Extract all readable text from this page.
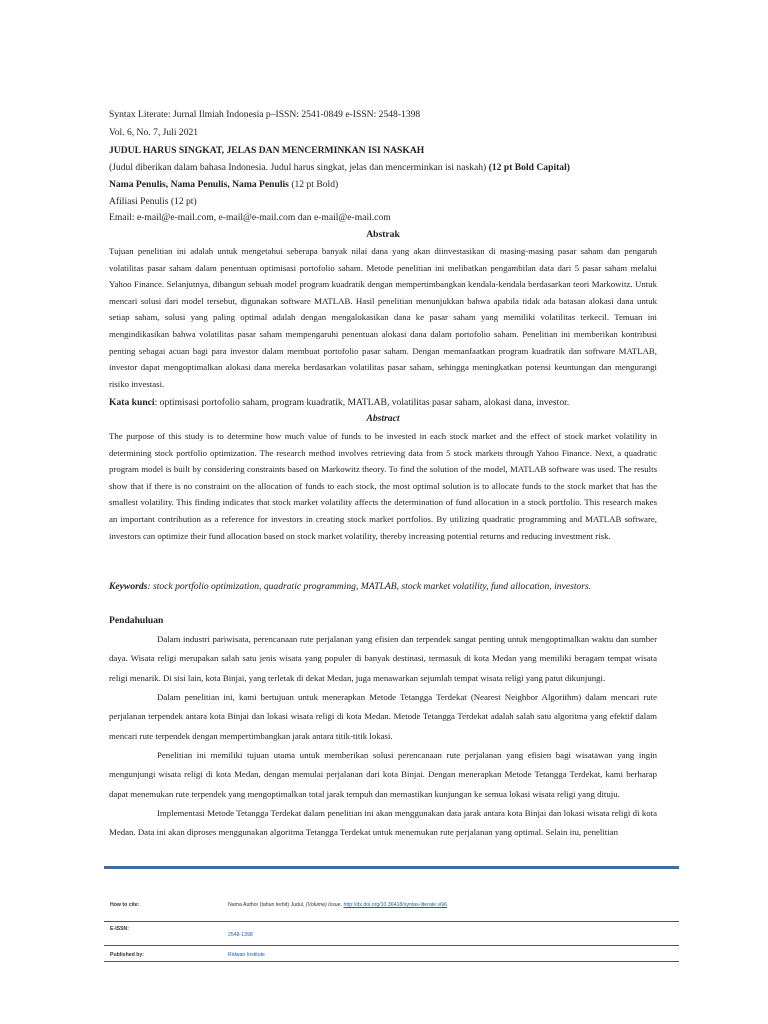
Syntax Literate: Jurnal Ilmiah Indonesia p–ISSN: 2541-0849 e-ISSN: 2548-1398
Vol. 6, No. 7, Juli 2021
JUDUL HARUS SINGKAT, JELAS DAN MENCERMINKAN ISI NASKAH
(Judul diberikan dalam bahasa Indonesia. Judul harus singkat, jelas dan mencerminkan isi naskah) (12 pt Bold Capital)
Nama Penulis, Nama Penulis, Nama Penulis (12 pt Bold)
Afiliasi Penulis (12 pt)
Email: e-mail@e-mail.com, e-mail@e-mail.com dan e-mail@e-mail.com
Abstrak
Tujuan penelitian ini adalah untuk mengetahui seberapa banyak nilai dana yang akan diinvestasikan di masing-masing pasar saham dan pengaruh volatilitas pasar saham dalam penentuan optimisasi portofolio saham. Metode penelitian ini melibatkan pengambilan data dari 5 pasar saham melalui Yahoo Finance. Selanjutnya, dibangun sebuah model program kuadratik dengan mempertimbangkan kendala-kendala berdasarkan teori Markowitz. Untuk mencari solusi dari model tersebut, digunakan software MATLAB. Hasil penelitian menunjukkan bahwa apabila tidak ada batasan alokasi dana untuk setiap saham, solusi yang paling optimal adalah dengan mengalokasikan dana ke pasar saham yang memiliki volatilitas terkecil. Temuan ini mengindikasikan bahwa volatilitas pasar saham mempengaruhi penentuan alokasi dana dalam portofolio saham. Penelitian ini memberikan kontribusi penting sebagai acuan bagi para investor dalam membuat portofolio pasar saham. Dengan memanfaatkan program kuadratik dan software MATLAB, investor dapat mengoptimalkan alokasi dana mereka berdasarkan volatilitas pasar saham, sehingga meningkatkan potensi keuntungan dan mengurangi risiko investasi.
Kata kunci: optimisasi portofolio saham, program kuadratik, MATLAB, volatilitas pasar saham, alokasi dana, investor.
Abstract
The purpose of this study is to determine how much value of funds to be invested in each stock market and the effect of stock market volatility in determining stock portfolio optimization. The research method involves retrieving data from 5 stock markets through Yahoo Finance. Next, a quadratic program model is built by considering constraints based on Markowitz theory. To find the solution of the model, MATLAB software was used. The results show that if there is no constraint on the allocation of funds to each stock, the most optimal solution is to allocate funds to the stock market that has the smallest volatility. This finding indicates that stock market volatility affects the determination of fund allocation in a stock portfolio. This research makes an important contribution as a reference for investors in creating stock market portfolios. By utilizing quadratic programming and MATLAB software, investors can optimize their fund allocation based on stock market volatility, thereby increasing potential returns and reducing investment risk.
Keywords: stock portfolio optimization, quadratic programming, MATLAB, stock market volatility, fund allocation, investors.
Pendahuluan
Dalam industri pariwisata, perencanaan rute perjalanan yang efisien dan terpendek sangat penting untuk mengoptimalkan waktu dan sumber daya. Wisata religi merupakan salah satu jenis wisata yang populer di banyak destinasi, termasuk di kota Medan yang memiliki beragam tempat wisata religi menarik. Di sisi lain, kota Binjai, yang terletak di dekat Medan, juga menawarkan sejumlah tempat wisata religi yang patut dikunjungi.
Dalam penelitian ini, kami bertujuan untuk menerapkan Metode Tetangga Terdekat (Nearest Neighbor Algorithm) dalam mencari rute perjalanan terpendek antara kota Binjai dan lokasi wisata religi di kota Medan. Metode Tetangga Terdekat adalah salah satu algoritma yang efektif dalam mencari rute terpendek dengan mempertimbangkan jarak antara titik-titik lokasi.
Penelitian ini memiliki tujuan utama untuk memberikan solusi perencanaan rute perjalanan yang efisien bagi wisatawan yang ingin mengunjungi wisata religi di kota Medan, dengan memulai perjalanan dari kota Binjai. Dengan menerapkan Metode Tetangga Terdekat, kami berharap dapat menemukan rute terpendek yang mengoptimalkan total jarak tempuh dan memastikan kunjungan ke semua lokasi wisata religi yang dituju.
Implementasi Metode Tetangga Terdekat dalam penelitian ini akan menggunakan data jarak antara kota Binjai dan lokasi wisata religi di kota Medan. Data ini akan diproses menggunakan algoritma Tetangga Terdekat untuk menemukan rute perjalanan yang optimal. Selain itu, penelitian
How to cite:	Nama Author (tahun terbit) Judul, (Volume) Issue, http://dx.doi.org/10.36418/syntax-literate.v6i6
E-ISSN:
2548-1398
Published by:	Ridwan Institute
